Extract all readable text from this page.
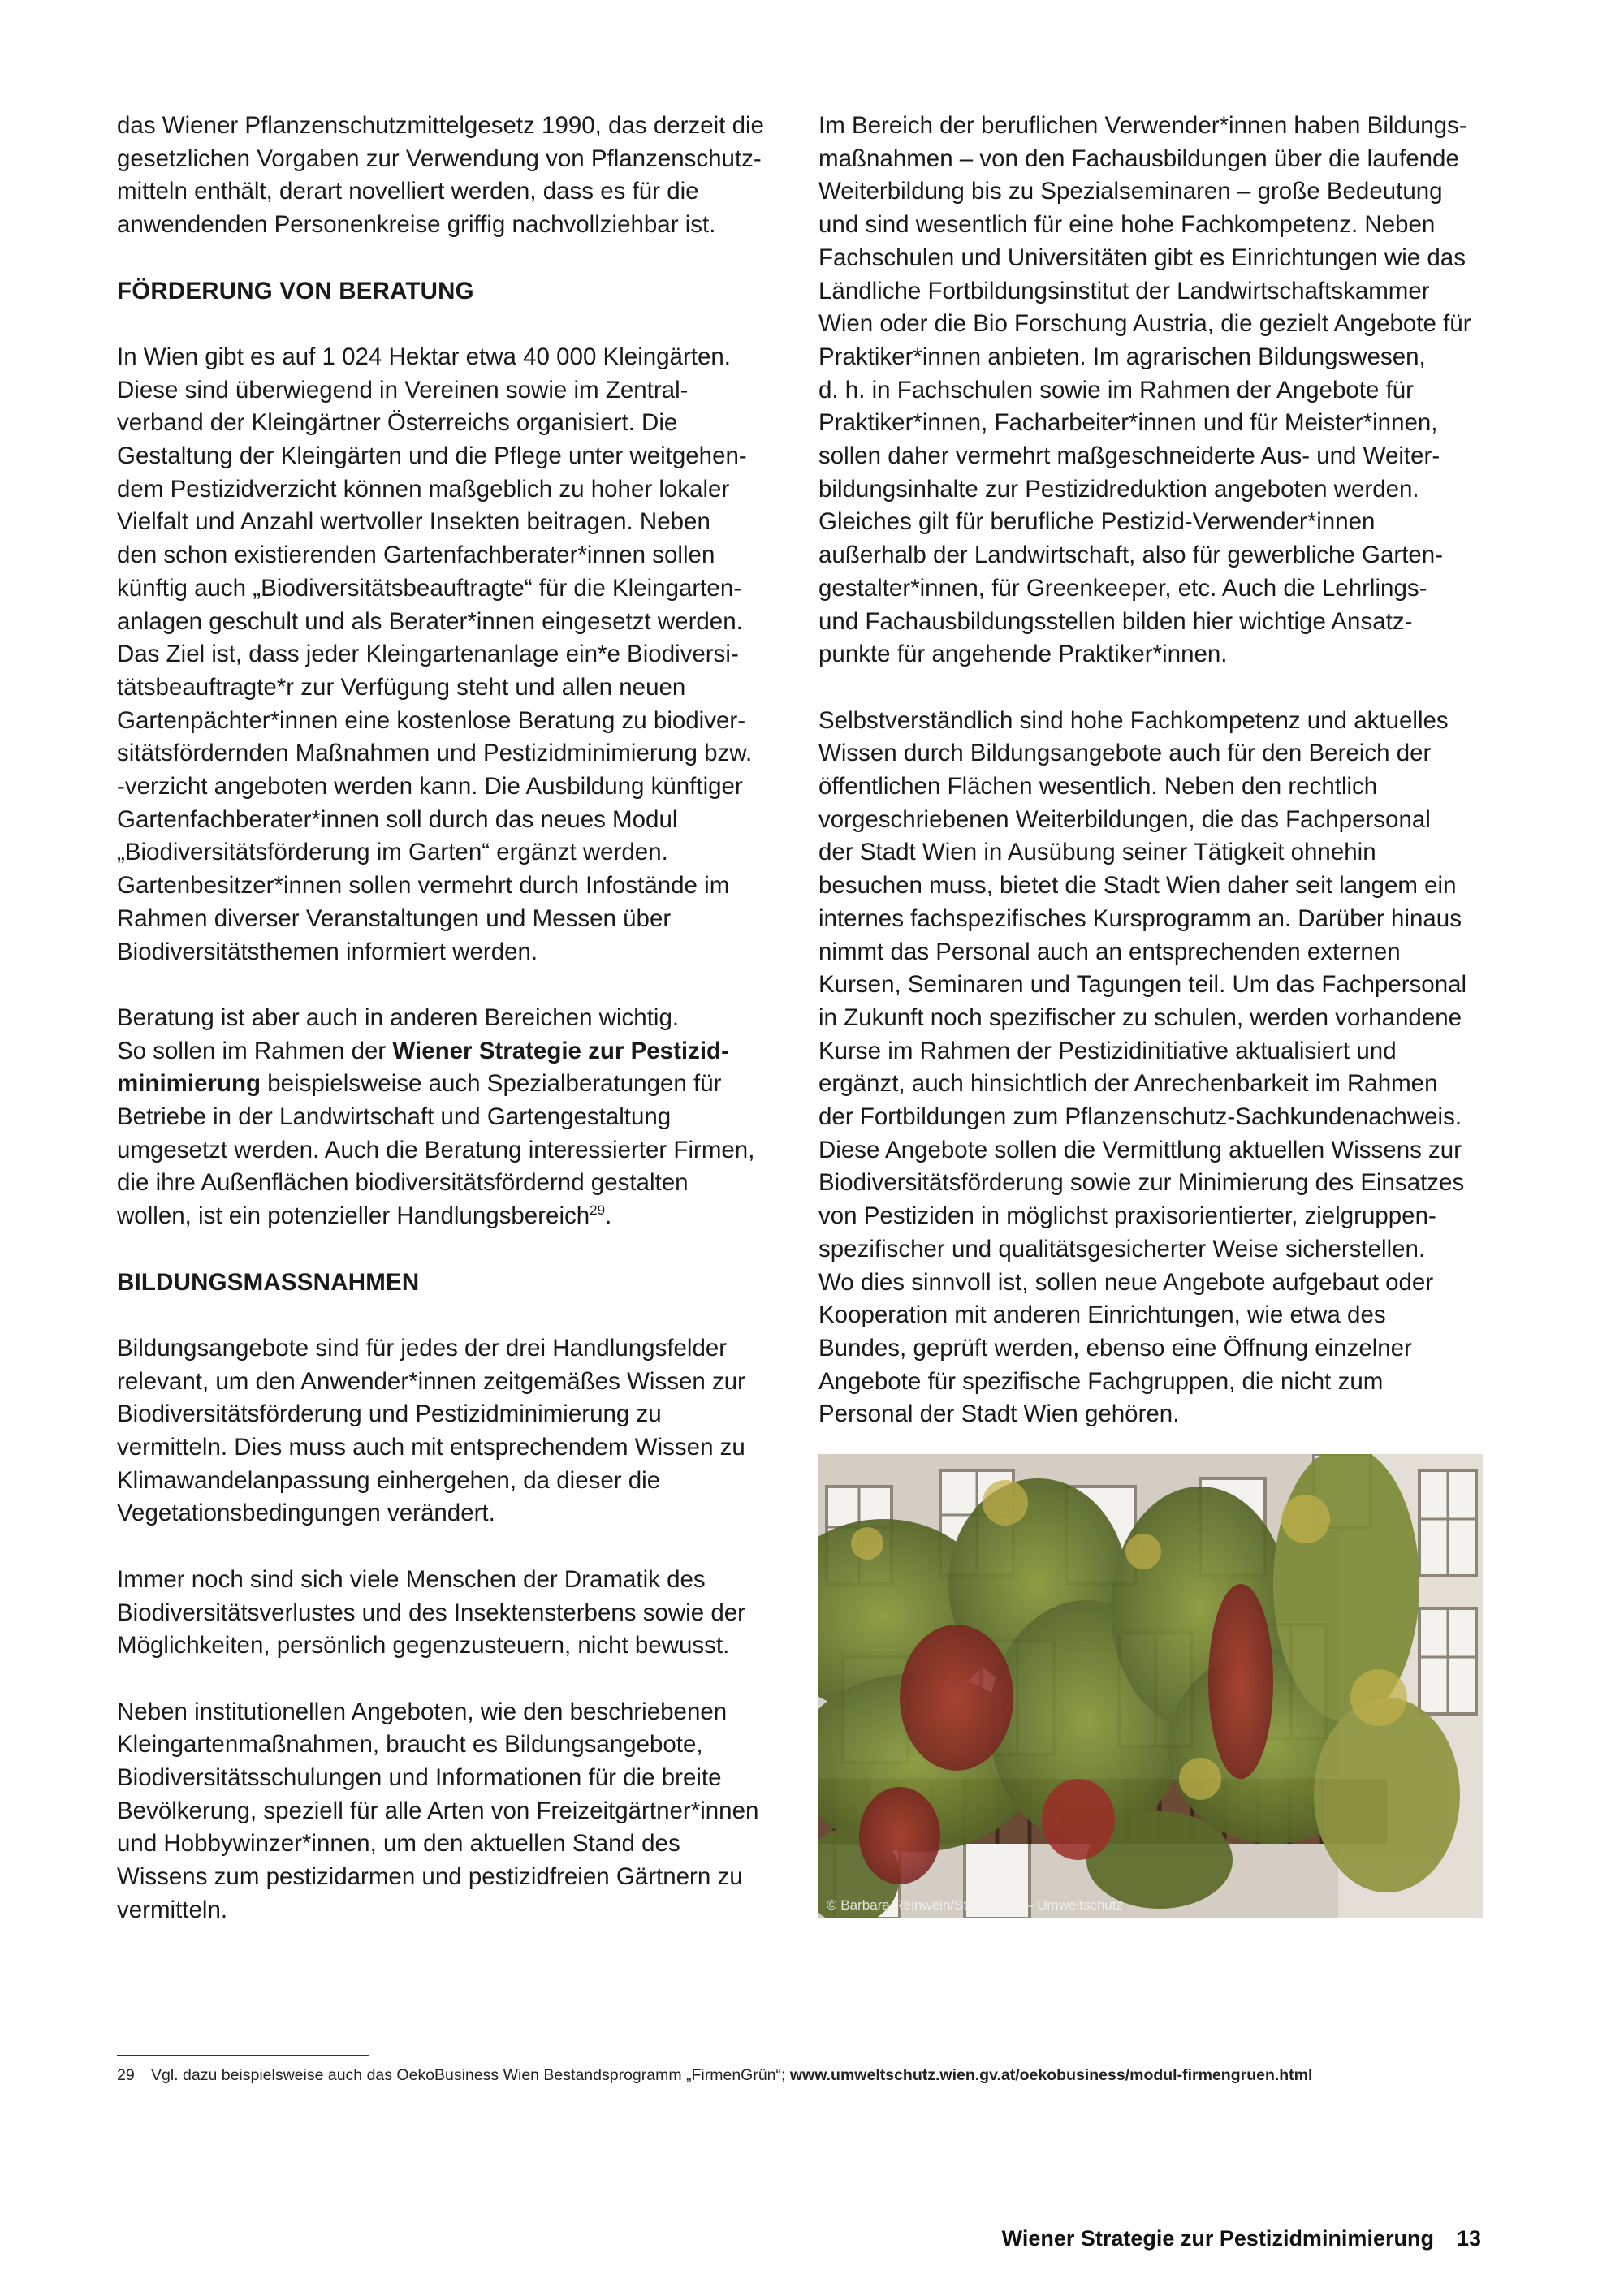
das Wiener Pflanzenschutzmittelgesetz 1990, das derzeit die
gesetzlichen Vorgaben zur Verwendung von Pflanzenschutz-
mitteln enthält, derart novelliert werden, dass es für die
anwendenden Personenkreise griffig nachvollziehbar ist.
FÖRDERUNG VON BERATUNG
In Wien gibt es auf 1 024 Hektar etwa 40 000 Kleingärten.
Diese sind überwiegend in Vereinen sowie im Zentral-
verband der Kleingärtner Österreichs organisiert. Die
Gestaltung der Kleingärten und die Pflege unter weitgehen-
dem Pestizidverzicht können maßgeblich zu hoher lokaler
Vielfalt und Anzahl wertvoller Insekten beitragen. Neben
den schon existierenden Gartenfachberater*innen sollen
künftig auch „Biodiversitätsbeauftragte“ für die Kleingarten-
anlagen geschult und als Berater*innen eingesetzt werden.
Das Ziel ist, dass jeder Kleingartenanlage ein*e Biodiversi-
tätsbeauftragte*r zur Verfügung steht und allen neuen
Gartenpächter*innen eine kostenlose Beratung zu biodiver-
sitätsfördernden Maßnahmen und Pestizidminimierung bzw.
-verzicht angeboten werden kann. Die Ausbildung künftiger
Gartenfachberater*innen soll durch das neues Modul
„Biodiversitätsförderung im Garten“ ergänzt werden.
Gartenbesitzer*innen sollen vermehrt durch Infostände im
Rahmen diverser Veranstaltungen und Messen über
Biodiversitätsthemen informiert werden.
Beratung ist aber auch in anderen Bereichen wichtig.
So sollen im Rahmen der Wiener Strategie zur Pestizid-
minimierung beispielsweise auch Spezialberatungen für
Betriebe in der Landwirtschaft und Gartengestaltung
umgesetzt werden. Auch die Beratung interessierter Firmen,
die ihre Außenflächen biodiversitätsfördernd gestalten
wollen, ist ein potenzieller Handlungsbereich$^{29}$.
BILDUNGSMASSNAHMEN
Bildungsangebote sind für jedes der drei Handlungsfelder
relevant, um den Anwender*innen zeitgemäßes Wissen zur
Biodiversitätsförderung und Pestizidminimierung zu
vermitteln. Dies muss auch mit entsprechendem Wissen zu
Klimawandelanpassung einhergehen, da dieser die
Vegetationsbedingungen verändert.
Immer noch sind sich viele Menschen der Dramatik des
Biodiversitätsverlustes und des Insektensterbens sowie der
Möglichkeiten, persönlich gegenzusteuern, nicht bewusst.
Neben institutionellen Angeboten, wie den beschriebenen
Kleingartenmaßnahmen, braucht es Bildungsangebote,
Biodiversitätsschulungen und Informationen für die breite
Bevölkerung, speziell für alle Arten von Freizeitgärtner*innen
und Hobbywinzer*innen, um den aktuellen Stand des
Wissens zum pestizidarmen und pestizidfreien Gärtnern zu
vermitteln.
Im Bereich der beruflichen Verwender*innen haben Bildungs-
maßnahmen – von den Fachausbildungen über die laufende
Weiterbildung bis zu Spezialseminaren – große Bedeutung
und sind wesentlich für eine hohe Fachkompetenz. Neben
Fachschulen und Universitäten gibt es Einrichtungen wie das
Ländliche Fortbildungsinstitut der Landwirtschaftskammer
Wien oder die Bio Forschung Austria, die gezielt Angebote für
Praktiker*innen anbieten. Im agrarischen Bildungswesen,
d. h. in Fachschulen sowie im Rahmen der Angebote für
Praktiker*innen, Facharbeiter*innen und für Meister*innen,
sollen daher vermehrt maßgeschneiderte Aus- und Weiter-
bildungsinhalte zur Pestizidreduktion angeboten werden.
Gleiches gilt für berufliche Pestizid-Verwender*innen
außerhalb der Landwirtschaft, also für gewerbliche Garten-
gestalter*innen, für Greenkeeper, etc. Auch die Lehrlings-
und Fachausbildungsstellen bilden hier wichtige Ansatz-
punkte für angehende Praktiker*innen.
Selbstverständlich sind hohe Fachkompetenz und aktuelles
Wissen durch Bildungsangebote auch für den Bereich der
öffentlichen Flächen wesentlich. Neben den rechtlich
vorgeschriebenen Weiterbildungen, die das Fachpersonal
der Stadt Wien in Ausübung seiner Tätigkeit ohnehin
besuchen muss, bietet die Stadt Wien daher seit langem ein
internes fachspezifisches Kursprogramm an. Darüber hinaus
nimmt das Personal auch an entsprechenden externen
Kursen, Seminaren und Tagungen teil. Um das Fachpersonal
in Zukunft noch spezifischer zu schulen, werden vorhandene
Kurse im Rahmen der Pestizidinitiative aktualisiert und
ergänzt, auch hinsichtlich der Anrechenbarkeit im Rahmen
der Fortbildungen zum Pflanzenschutz-Sachkundenachweis.
Diese Angebote sollen die Vermittlung aktuellen Wissens zur
Biodiversitätsförderung sowie zur Minimierung des Einsatzes
von Pestiziden in möglichst praxisorientierter, zielgruppen-
spezifischer und qualitätsgesicherter Weise sicherstellen.
Wo dies sinnvoll ist, sollen neue Angebote aufgebaut oder
Kooperation mit anderen Einrichtungen, wie etwa des
Bundes, geprüft werden, ebenso eine Öffnung einzelner
Angebote für spezifische Fachgruppen, die nicht zum
Personal der Stadt Wien gehören.
© Barbara Reinwein/Stadt Wien – Umweltschutz
29 Vgl. dazu beispielsweise auch das OekoBusiness Wien Bestandsprogramm „FirmenGrün“; www.umweltschutz.wien.gv.at/oekobusiness/modul-firmengruen.html
Wiener Strategie zur Pestizidminimierung 13
